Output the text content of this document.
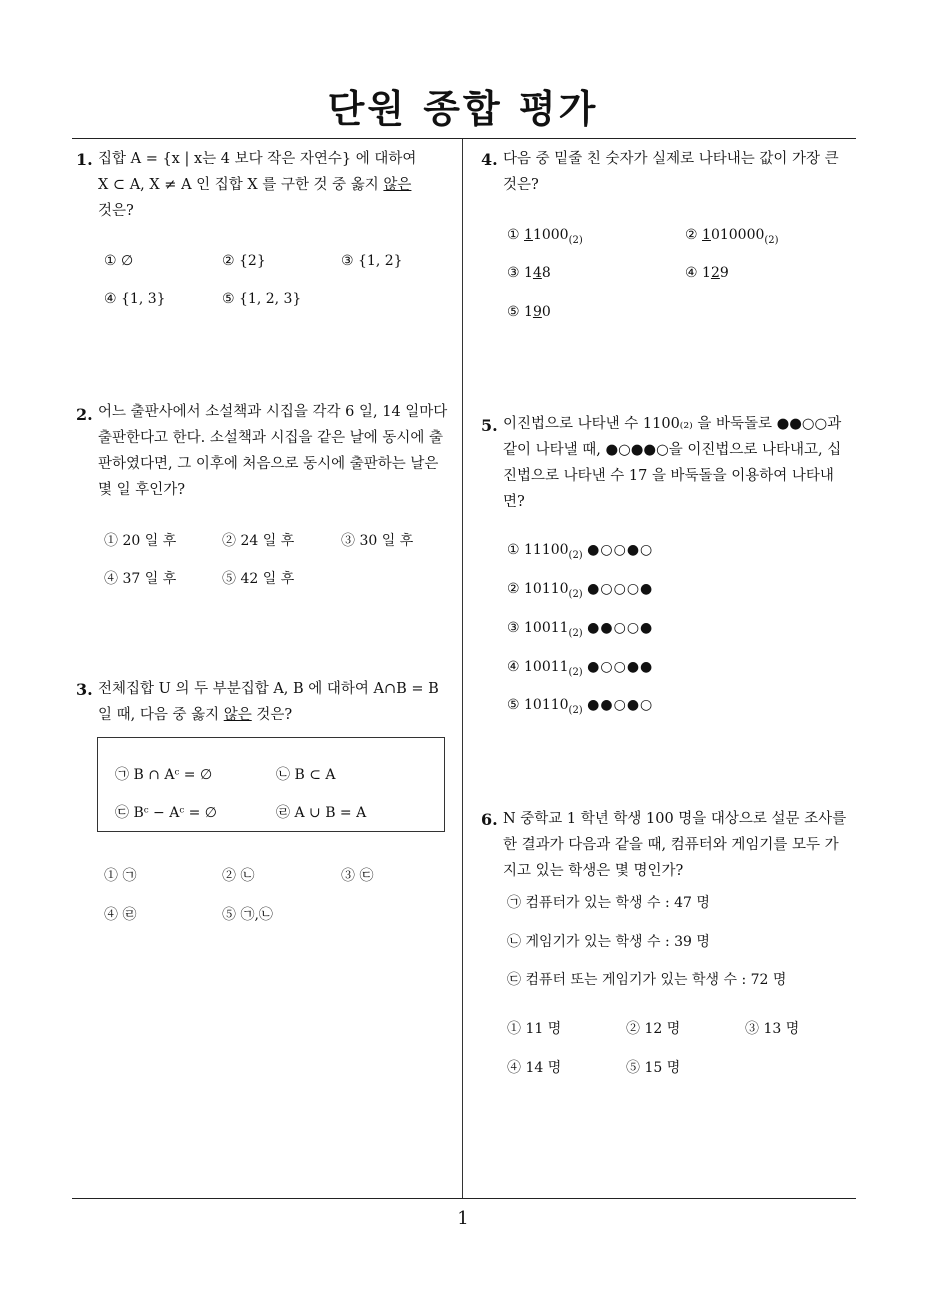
단원 종합 평가
1
1. 집합 A = {x | x는 4 보다 작은 자연수} 에 대하여
X ⊂ A, X ≠ A 인 집합 X 를 구한 것 중 옳지 않은
것은?
① ∅	② {2}	③ {1, 2}
④ {1, 3}	⑤ {1, 2, 3}
2. 어느 출판사에서 소설책과 시집을 각각 6 일, 14 일마다
출판한다고 한다. 소설책과 시집을 같은 날에 동시에 출
판하였다면, 그 이후에 처음으로 동시에 출판하는 날은
몇 일 후인가?
① 20 일 후	② 24 일 후	③ 30 일 후
④ 37 일 후	⑤ 42 일 후
3. 전체집합 U 의 두 부분집합 A, B 에 대하여 A∩B = B
일 때, 다음 중 옳지 않은 것은?
㉠ B ∩ Aᶜ = ∅	㉡ B ⊂ A
㉢ Bᶜ − Aᶜ = ∅	㉣ A ∪ B = A
① ㉠	② ㉡	③ ㉢
④ ㉣	⑤ ㉠,㉡
4. 다음 중 밑줄 친 숫자가 실제로 나타내는 값이 가장 큰
것은?
① $11000_{(2)}$	② $1010000_{(2)}$
③ 148	④ 129
⑤ 190
5. 이진법으로 나타낸 수 1100₍₂₎ 을 바둑돌로 ●●○○과
같이 나타낼 때, ●○●●○을 이진법으로 나타내고, 십
진법으로 나타낸 수 17 을 바둑돌을 이용하여 나타내
면?
① $11100_{(2)}$ ●○○●○
② $10110_{(2)}$ ●○○○●
③ $10011_{(2)}$ ●●○○●
④ $10011_{(2)}$ ●○○●●
⑤ $10110_{(2)}$ ●●○●○
6. N 중학교 1 학년 학생 100 명을 대상으로 설문 조사를
한 결과가 다음과 같을 때, 컴퓨터와 게임기를 모두 가
지고 있는 학생은 몇 명인가?
㉠ 컴퓨터가 있는 학생 수 : 47 명
㉡ 게임기가 있는 학생 수 : 39 명
㉢ 컴퓨터 또는 게임기가 있는 학생 수 : 72 명
① 11 명	② 12 명	③ 13 명
④ 14 명	⑤ 15 명
